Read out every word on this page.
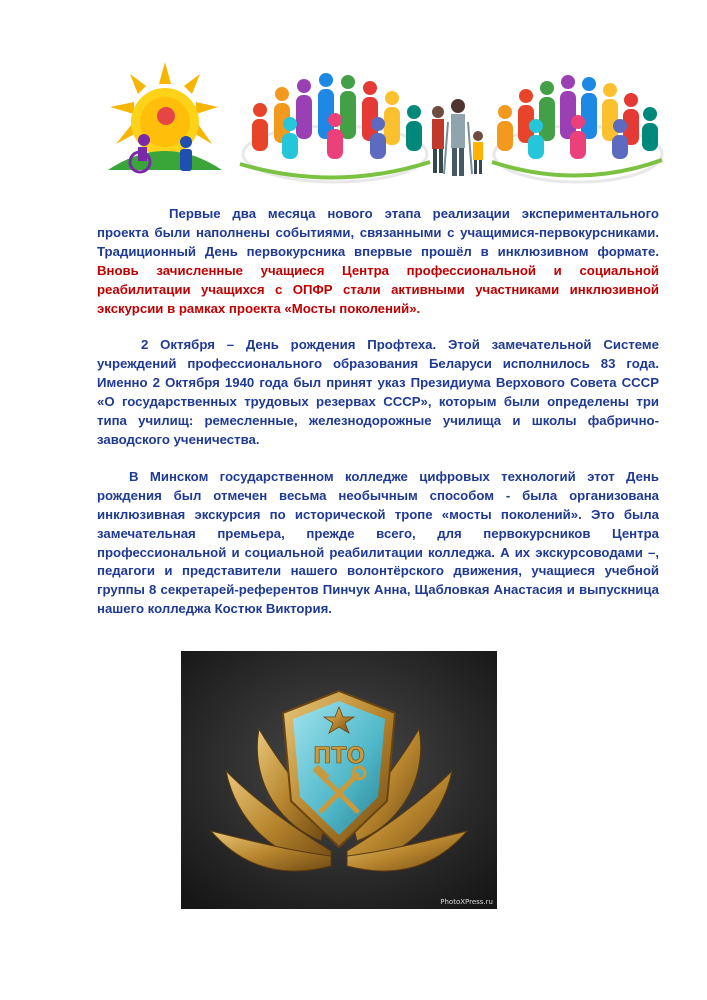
Первые два месяца нового этапа реализации экспериментального проекта были наполнены событиями, связанными с учащимися-первокурсниками. Традиционный День первокурсника впервые прошёл в инклюзивном формате. Вновь зачисленные учащиеся Центра профессиональной и социальной реабилитации учащихся с ОПФР стали активными участниками инклюзивной экскурсии в рамках проекта «Мосты поколений».

2 Октября – День рождения Профтеха. Этой замечательной Системе учреждений профессионального образования Беларуси исполнилось 83 года. Именно 2 Октября 1940 года был принят указ Президиума Верхового Совета СССР «О государственных трудовых резервах СССР», которым были определены три типа училищ: ремесленные, железнодорожные училища и школы фабрично-заводского ученичества.

В Минском государственном колледже цифровых технологий этот День рождения был отмечен весьма необычным способом - была организована инклюзивная экскурсия по исторической тропе «мосты поколений». Это была замечательная премьера, прежде всего, для первокурсников Центра профессиональной и социальной реабилитации колледжа. А их экскурсоводами –, педагоги и представители нашего волонтёрского движения, учащиеся учебной группы 8 секретарей-референтов Пинчук Анна, Щабловкая Анастасия и выпускница нашего колледжа Костюк Виктория.

ПТО
PhotoXPress.ru
